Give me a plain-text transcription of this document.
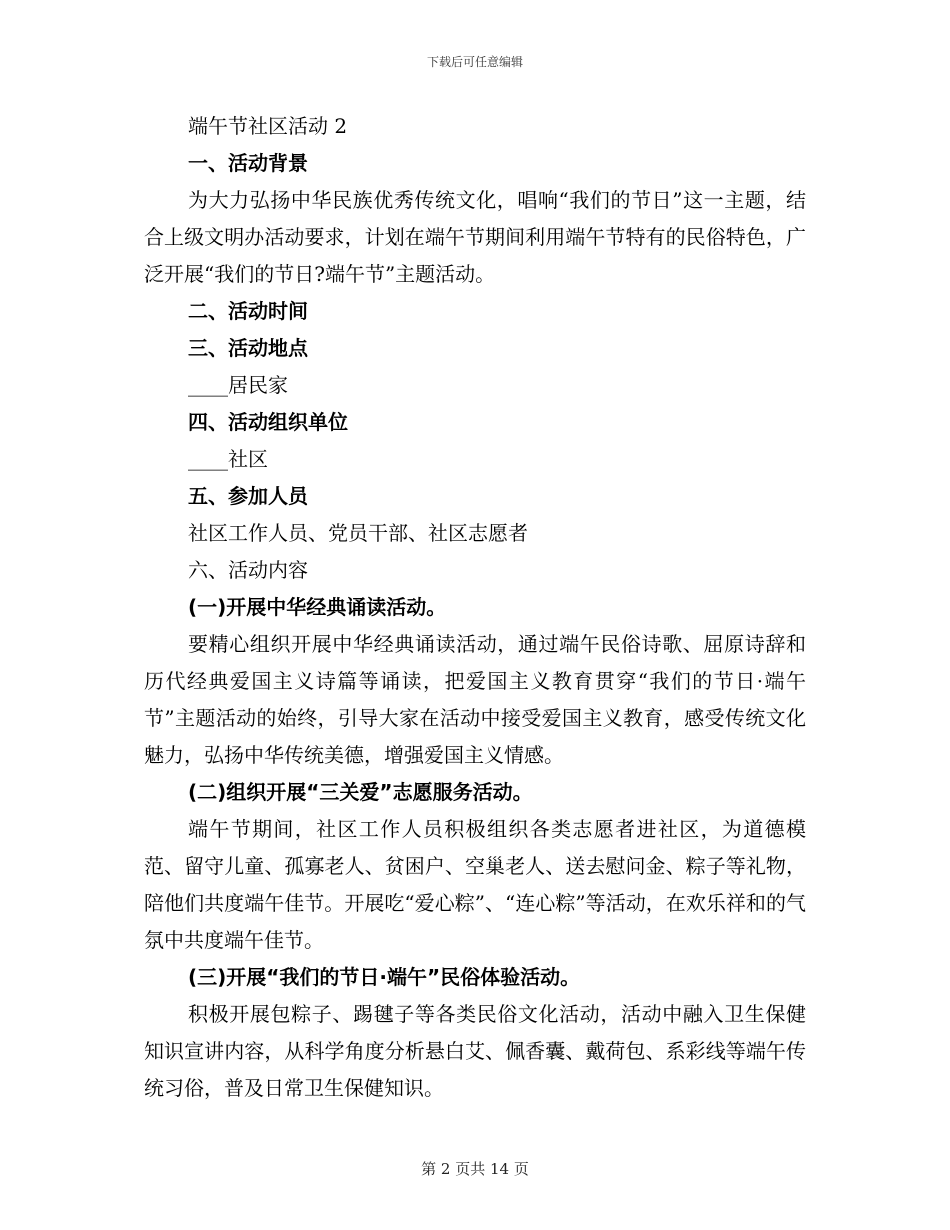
下载后可任意编辑

端午节社区活动 2

一、活动背景

为大力弘扬中华民族优秀传统文化，唱响“我们的节日”这一主题，结合上级文明办活动要求，计划在端午节期间利用端午节特有的民俗特色，广泛开展“我们的节日?端午节”主题活动。

二、活动时间

三、活动地点

____居民家

四、活动组织单位

____社区

五、参加人员

社区工作人员、党员干部、社区志愿者

六、活动内容

(一)开展中华经典诵读活动。

要精心组织开展中华经典诵读活动，通过端午民俗诗歌、屈原诗辞和历代经典爱国主义诗篇等诵读，把爱国主义教育贯穿“我们的节日·端午节”主题活动的始终，引导大家在活动中接受爱国主义教育，感受传统文化魅力，弘扬中华传统美德，增强爱国主义情感。

(二)组织开展“三关爱”志愿服务活动。

端午节期间，社区工作人员积极组织各类志愿者进社区，为道德模范、留守儿童、孤寡老人、贫困户、空巢老人、送去慰问金、粽子等礼物，陪他们共度端午佳节。开展吃“爱心粽”、“连心粽”等活动，在欢乐祥和的气氛中共度端午佳节。

(三)开展“我们的节日·端午”民俗体验活动。

积极开展包粽子、踢毽子等各类民俗文化活动，活动中融入卫生保健知识宣讲内容，从科学角度分析悬白艾、佩香囊、戴荷包、系彩线等端午传统习俗，普及日常卫生保健知识。

第 2 页共 14 页
